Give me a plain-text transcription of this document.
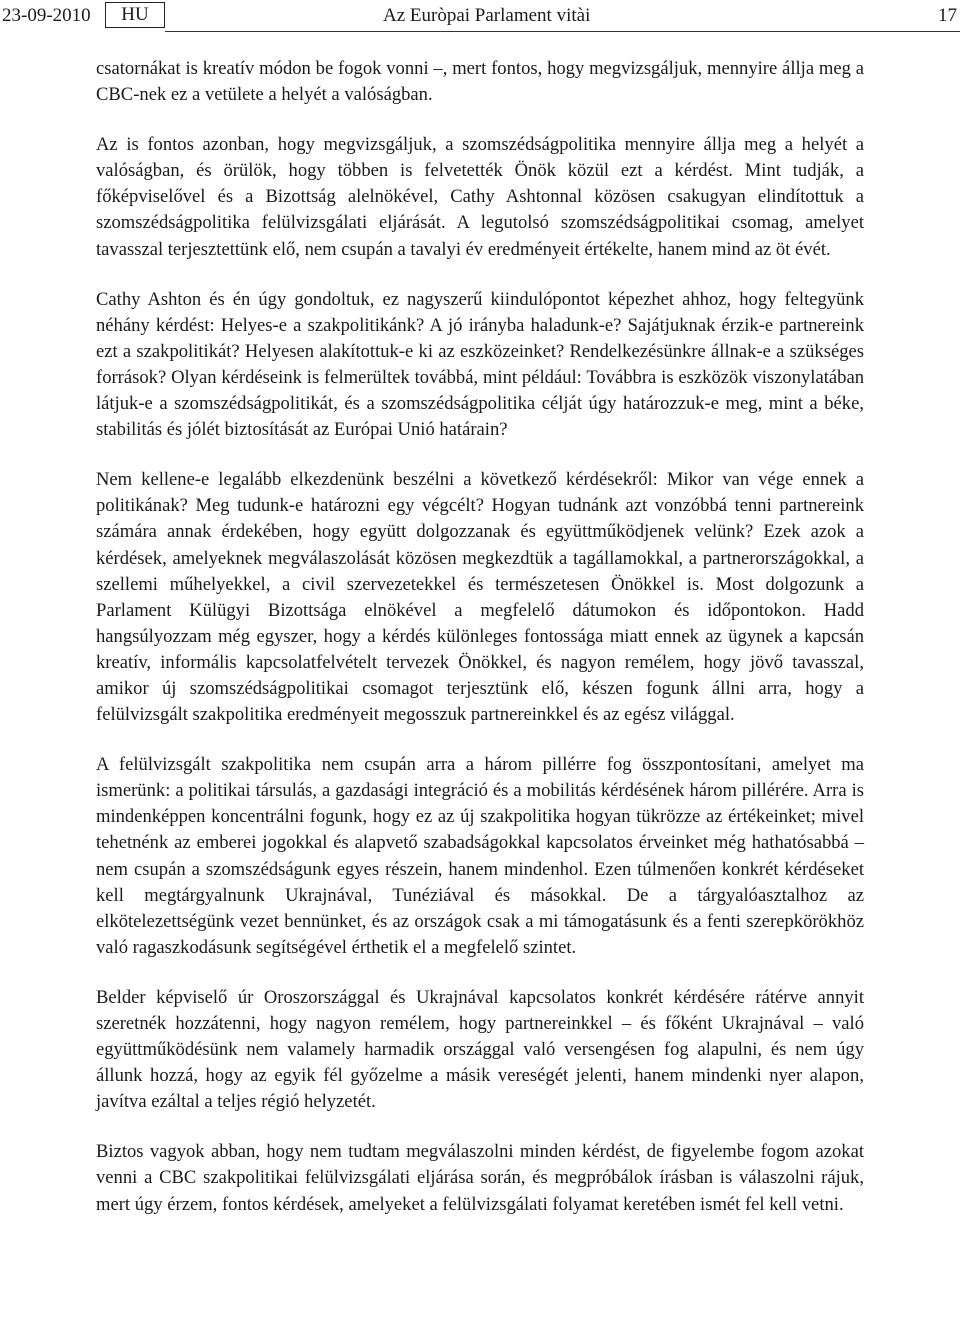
23-09-2010	HU	Az Euròpai Parlament vitài	17

csatornákat is kreatív módon be fogok vonni –, mert fontos, hogy megvizsgáljuk, mennyire állja meg a CBC-nek ez a vetülete a helyét a valóságban.

Az is fontos azonban, hogy megvizsgáljuk, a szomszédságpolitika mennyire állja meg a helyét a valóságban, és örülök, hogy többen is felvetették Önök közül ezt a kérdést. Mint tudják, a főképviselővel és a Bizottság alelnökével, Cathy Ashtonnal közösen csakugyan elindítottuk a szomszédságpolitika felülvizsgálati eljárását. A legutolsó szomszédságpolitikai csomag, amelyet tavasszal terjesztettünk elő, nem csupán a tavalyi év eredményeit értékelte, hanem mind az öt évét.

Cathy Ashton és én úgy gondoltuk, ez nagyszerű kiindulópontot képezhet ahhoz, hogy feltegyünk néhány kérdést: Helyes-e a szakpolitikánk? A jó irányba haladunk-e? Sajátjuknak érzik-e partnereink ezt a szakpolitikát? Helyesen alakítottuk-e ki az eszközeinket? Rendelkezésünkre állnak-e a szükséges források? Olyan kérdéseink is felmerültek továbbá, mint például: Továbbra is eszközök viszonylatában látjuk-e a szomszédságpolitikát, és a szomszédságpolitika célját úgy határozzuk-e meg, mint a béke, stabilitás és jólét biztosítását az Európai Unió határain?

Nem kellene-e legalább elkezdenünk beszélni a következő kérdésekről: Mikor van vége ennek a politikának? Meg tudunk-e határozni egy végcélt? Hogyan tudnánk azt vonzóbbá tenni partnereink számára annak érdekében, hogy együtt dolgozzanak és együttműködjenek velünk? Ezek azok a kérdések, amelyeknek megválaszolását közösen megkezdtük a tagállamokkal, a partnerországokkal, a szellemi műhelyekkel, a civil szervezetekkel és természetesen Önökkel is. Most dolgozunk a Parlament Külügyi Bizottsága elnökével a megfelelő dátumokon és időpontokon. Hadd hangsúlyozzam még egyszer, hogy a kérdés különleges fontossága miatt ennek az ügynek a kapcsán kreatív, informális kapcsolatfelvételt tervezek Önökkel, és nagyon remélem, hogy jövő tavasszal, amikor új szomszédságpolitikai csomagot terjesztünk elő, készen fogunk állni arra, hogy a felülvizsgált szakpolitika eredményeit megosszuk partnereinkkel és az egész világgal.

A felülvizsgált szakpolitika nem csupán arra a három pillérre fog összpontosítani, amelyet ma ismerünk: a politikai társulás, a gazdasági integráció és a mobilitás kérdésének három pillérére. Arra is mindenképpen koncentrálni fogunk, hogy ez az új szakpolitika hogyan tükrözze az értékeinket; mivel tehetnénk az emberei jogokkal és alapvető szabadságokkal kapcsolatos érveinket még hathatósabbá – nem csupán a szomszédságunk egyes részein, hanem mindenhol. Ezen túlmenően konkrét kérdéseket kell megtárgyalnunk Ukrajnával, Tunéziával és másokkal. De a tárgyalóasztalhoz az elkötelezettségünk vezet bennünket, és az országok csak a mi támogatásunk és a fenti szerepkörökhöz való ragaszkodásunk segítségével érthetik el a megfelelő szintet.

Belder képviselő úr Oroszországgal és Ukrajnával kapcsolatos konkrét kérdésére rátérve annyit szeretnék hozzátenni, hogy nagyon remélem, hogy partnereinkkel – és főként Ukrajnával – való együttműködésünk nem valamely harmadik országgal való versengésen fog alapulni, és nem úgy állunk hozzá, hogy az egyik fél győzelme a másik vereségét jelenti, hanem mindenki nyer alapon, javítva ezáltal a teljes régió helyzetét.

Biztos vagyok abban, hogy nem tudtam megválaszolni minden kérdést, de figyelembe fogom azokat venni a CBC szakpolitikai felülvizsgálati eljárása során, és megpróbálok írásban is válaszolni rájuk, mert úgy érzem, fontos kérdések, amelyeket a felülvizsgálati folyamat keretében ismét fel kell vetni.
